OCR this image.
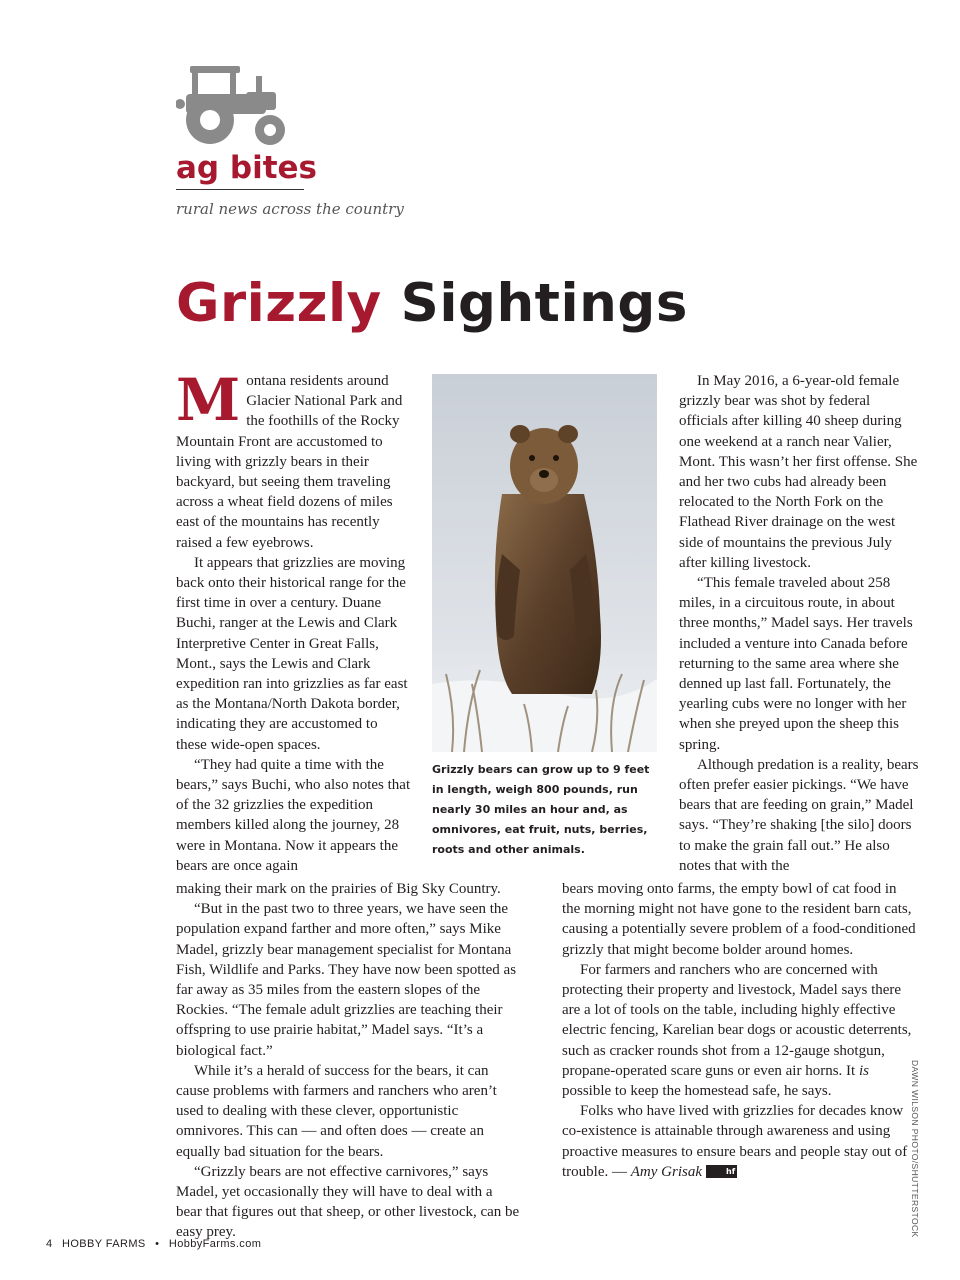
ag bites
rural news across the country
Grizzly Sightings

Montana residents around Glacier National Park and the foothills of the Rocky Mountain Front are accustomed to living with grizzly bears in their backyard, but seeing them traveling across a wheat field dozens of miles east of the mountains has recently raised a few eyebrows.

It appears that grizzlies are moving back onto their historical range for the first time in over a century. Duane Buchi, ranger at the Lewis and Clark Interpretive Center in Great Falls, Mont., says the Lewis and Clark expedition ran into grizzlies as far east as the Montana/North Dakota border, indicating they are accustomed to these wide-open spaces.

“They had quite a time with the bears,” says Buchi, who also notes that of the 32 grizzlies the expedition members killed along the journey, 28 were in Montana. Now it appears the bears are once again

Grizzly bears can grow up to 9 feet in length, weigh 800 pounds, run nearly 30 miles an hour and, as omnivores, eat fruit, nuts, berries, roots and other animals.

In May 2016, a 6-year-old female grizzly bear was shot by federal officials after killing 40 sheep during one weekend at a ranch near Valier, Mont. This wasn’t her first offense. She and her two cubs had already been relocated to the North Fork on the Flathead River drainage on the west side of mountains the previous July after killing livestock.

“This female traveled about 258 miles, in a circuitous route, in about three months,” Madel says. Her travels included a venture into Canada before returning to the same area where she denned up last fall. Fortunately, the yearling cubs were no longer with her when she preyed upon the sheep this spring.

Although predation is a reality, bears often prefer easier pickings. “We have bears that are feeding on grain,” Madel says. “They’re shaking [the silo] doors to make the grain fall out.” He also notes that with the

making their mark on the prairies of Big Sky Country.

“But in the past two to three years, we have seen the population expand farther and more often,” says Mike Madel, grizzly bear management specialist for Montana Fish, Wildlife and Parks. They have now been spotted as far away as 35 miles from the eastern slopes of the Rockies. “The female adult grizzlies are teaching their offspring to use prairie habitat,” Madel says. “It’s a biological fact.”

While it’s a herald of success for the bears, it can cause problems with farmers and ranchers who aren’t used to dealing with these clever, opportunistic omnivores. This can — and often does — create an equally bad situation for the bears.

“Grizzly bears are not effective carnivores,” says Madel, yet occasionally they will have to deal with a bear that figures out that sheep, or other livestock, can be easy prey.

bears moving onto farms, the empty bowl of cat food in the morning might not have gone to the resident barn cats, causing a potentially severe problem of a food-conditioned grizzly that might become bolder around homes.

For farmers and ranchers who are concerned with protecting their property and livestock, Madel says there are a lot of tools on the table, including highly effective electric fencing, Karelian bear dogs or acoustic deterrents, such as cracker rounds shot from a 12-gauge shotgun, propane-operated scare guns or even air horns. It is possible to keep the homestead safe, he says.

Folks who have lived with grizzlies for decades know co-existence is attainable through awareness and using proactive measures to ensure bears and people stay out of trouble. — Amy Grisak	hf	DAWN WILSON PHOTO/SHUTTERSTOCK
4 HOBBY FARMS • HobbyFarms.com
